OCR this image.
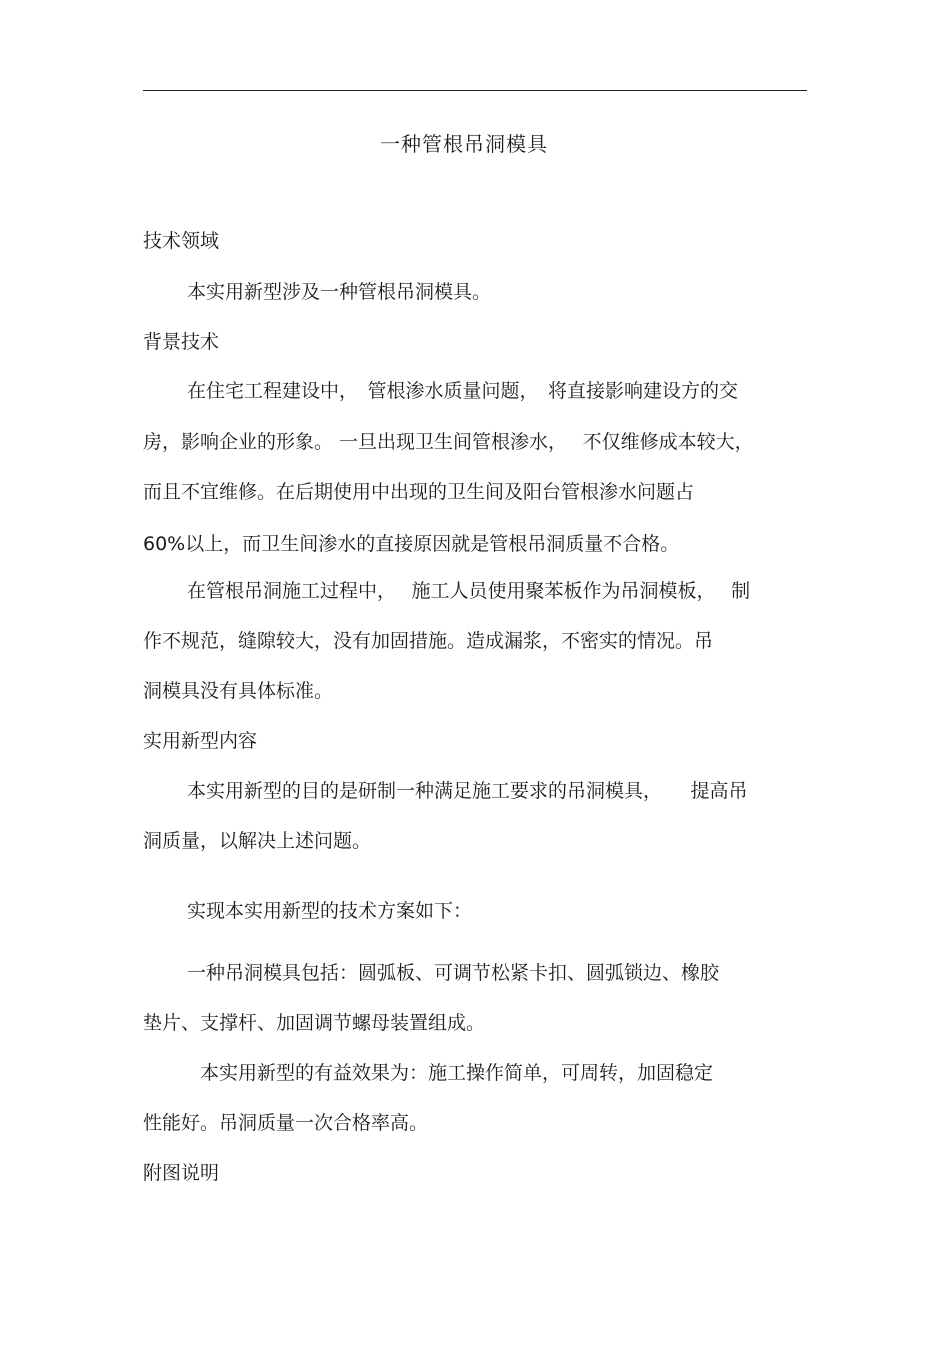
一种管根吊洞模具
技术领域
本实用新型涉及一种管根吊洞模具。
背景技术
在住宅工程建设中，　管根渗水质量问题，　将直接影响建设方的交
房，影响企业的形象。 一旦出现卫生间管根渗水，　 不仅维修成本较大，
而且不宜维修。在后期使用中出现的卫生间及阳台管根渗水问题占
60%以上，而卫生间渗水的直接原因就是管根吊洞质量不合格。
在管根吊洞施工过程中，　 施工人员使用聚苯板作为吊洞模板，　 制
作不规范，缝隙较大，没有加固措施。造成漏浆，不密实的情况。吊
洞模具没有具体标准。
实用新型内容
本实用新型的目的是研制一种满足施工要求的吊洞模具，　　提高吊
洞质量，以解决上述问题。
实现本实用新型的技术方案如下：
一种吊洞模具包括：圆弧板、可调节松紧卡扣、圆弧锁边、橡胶
垫片、支撑杆、加固调节螺母装置组成。
本实用新型的有益效果为：施工操作简单，可周转，加固稳定
性能好。吊洞质量一次合格率高。
附图说明
